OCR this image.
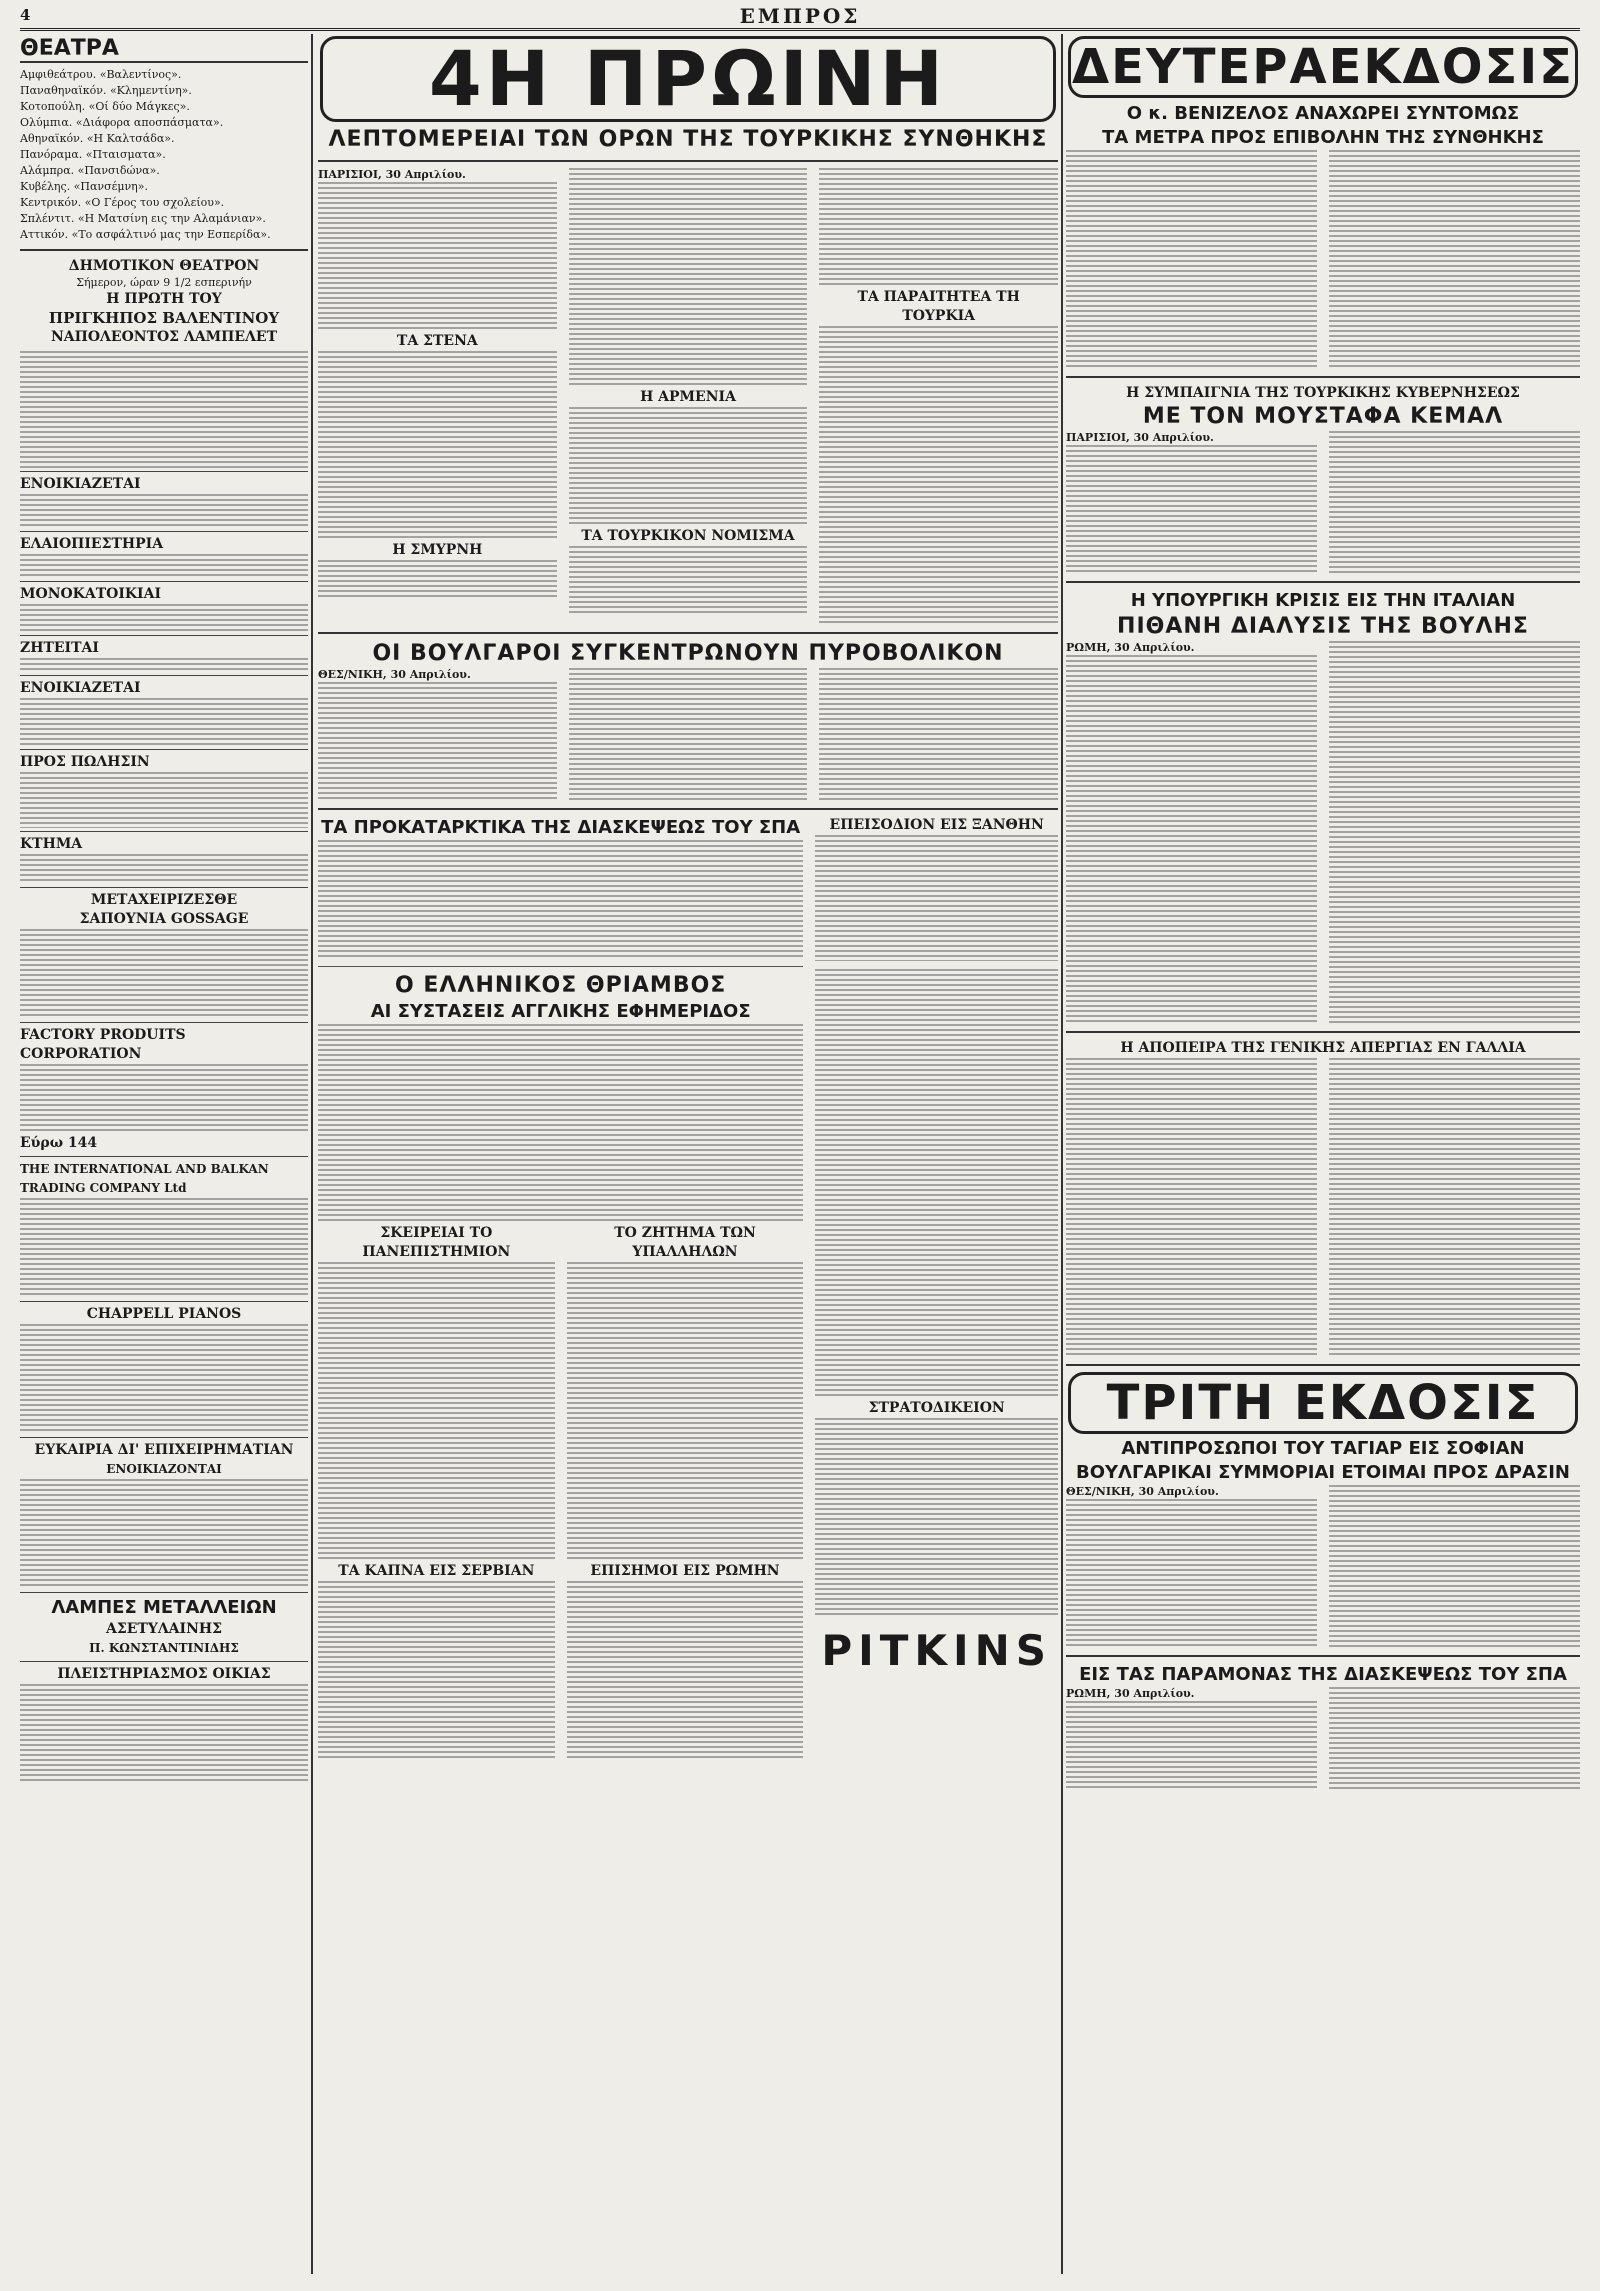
4	ΕΜΠΡΟΣ
ΘΕΑΤΡΑ
Αμφιθεάτρου. «Βαλεντίνος».
Παναθηναϊκόν. «Κλημεντίνη».
Κοτοπούλη. «Οί δύο Μάγκες».
Ολύμπια. «Διάφορα αποσπάσματα».
Αθηναϊκόν. «Η Καλτσάδα».
Πανόραμα. «Πταισματα».
Αλάμπρα. «Πανσιδώνα».
Κυβέλης. «Πανσέμνη».
Κεντρικόν. «Ο Γέρος του σχολείου».
Σπλέντιτ. «Η Ματσίνη εις την Αλαμάνιαν».
Αττικόν. «Το ασφάλτινό μας την Εσπερίδα».
ΔΗΜΟΤΙΚΟΝ ΘΕΑΤΡΟΝ
Σήμερον, ώραν 9 1/2 εσπερινήν
Η ΠΡΩΤΗ ΤΟΥ
ΠΡΙΓΚΗΠΟΣ ΒΑΛΕΝΤΙΝΟΥ
ΝΑΠΟΛΕΟΝΤΟΣ ΛΑΜΠΕΛΕΤ
ΕΝΟΙΚΙΑΖΕΤΑΙ
ΕΛΑΙΟΠΙΕΣΤΗΡΙΑ
ΜΟΝΟΚΑΤΟΙΚΙΑΙ
ΖΗΤΕΙΤΑΙ
ΕΝΟΙΚΙΑΖΕΤΑΙ
ΠΡΟΣ ΠΩΛΗΣΙΝ
ΚΤΗΜΑ
ΜΕΤΑΧΕΙΡΙΖΕΣΘΕ
ΣΑΠΟΥΝΙΑ GOSSAGE
FACTORY PRODUITS CORPORATION
Εύρω 144
THE INTERNATIONAL AND BALKAN TRADING COMPANY Ltd
CHAPPELL PIANOS
ΕΥΚΑΙΡΙΑ ΔΙ' ΕΠΙΧΕΙΡΗΜΑΤΙΑΝ
ΕΝΟΙΚΙΑΖΟΝΤΑΙ
ΛΑΜΠΕΣ ΜΕΤΑΛΛΕΙΩΝ
ΑΣΕΤΥΛΑΙΝΗΣ
Π. ΚΩΝΣΤΑΝΤΙΝΙΔΗΣ
ΠΛΕΙΣΤΗΡΙΑΣΜΟΣ ΟΙΚΙΑΣ
4Η ΠΡΩΙΝΗ
ΛΕΠΤΟΜΕΡΕΙΑΙ ΤΩΝ ΟΡΩΝ ΤΗΣ ΤΟΥΡΚΙΚΗΣ ΣΥΝΘΗΚΗΣ
ΠΑΡΙΣΙΟΙ, 30 Απριλίου.
ΤΑ ΣΤΕΝΑ
Η ΣΜΥΡΝΗ
Η ΑΡΜΕΝΙΑ
ΤΑ ΤΟΥΡΚΙΚΟΝ ΝΟΜΙΣΜΑ
ΤΑ ΠΑΡΑΙΤΗΤΕΑ ΤΗ ΤΟΥΡΚΙΑ
ΟΙ ΒΟΥΛΓΑΡΟΙ ΣΥΓΚΕΝΤΡΩΝΟΥΝ ΠΥΡΟΒΟΛΙΚΟΝ
ΘΕΣ/ΝΙΚΗ, 30 Απριλίου.
ΤΑ ΠΡΟΚΑΤΑΡΚΤΙΚΑ ΤΗΣ ΔΙΑΣΚΕΨΕΩΣ ΤΟΥ ΣΠΑ	ΕΠΕΙΣΟΔΙΟΝ ΕΙΣ ΞΑΝΘΗΝ
Ο ΕΛΛΗΝΙΚΟΣ ΘΡΙΑΜΒΟΣ
ΑΙ ΣΥΣΤΑΣΕΙΣ ΑΓΓΛΙΚΗΣ ΕΦΗΜΕΡΙΔΟΣ
ΣΚΕΙΡΕΙΑΙ ΤΟ ΠΑΝΕΠΙΣΤΗΜΙΟΝ
ΤΑ ΚΑΠΝΑ ΕΙΣ ΣΕΡΒΙΑΝ
ΤΟ ΖΗΤΗΜΑ ΤΩΝ ΥΠΑΛΛΗΛΩΝ
ΕΠΙΣΗΜΟΙ ΕΙΣ ΡΩΜΗΝ
ΣΤΡΑΤΟΔΙΚΕΙΟΝ
PITKINS
ΔΕΥΤΕΡΑΕΚΔΟΣΙΣ
Ο κ. ΒΕΝΙΖΕΛΟΣ ΑΝΑΧΩΡΕΙ ΣΥΝΤΟΜΩΣ
ΤΑ ΜΕΤΡΑ ΠΡΟΣ ΕΠΙΒΟΛΗΝ ΤΗΣ ΣΥΝΘΗΚΗΣ
Η ΣΥΜΠΑΙΓΝΙΑ ΤΗΣ ΤΟΥΡΚΙΚΗΣ ΚΥΒΕΡΝΗΣΕΩΣ
ΜΕ ΤΟΝ ΜΟΥΣΤΑΦΑ ΚΕΜΑΛ
ΠΑΡΙΣΙΟΙ, 30 Απριλίου.
Η ΥΠΟΥΡΓΙΚΗ ΚΡΙΣΙΣ ΕΙΣ ΤΗΝ ΙΤΑΛΙΑΝ
ΠΙΘΑΝΗ ΔΙΑΛΥΣΙΣ ΤΗΣ ΒΟΥΛΗΣ
ΡΩΜΗ, 30 Απριλίου.
Η ΑΠΟΠΕΙΡΑ ΤΗΣ ΓΕΝΙΚΗΣ ΑΠΕΡΓΙΑΣ ΕΝ ΓΑΛΛΙΑ
ΤΡΙΤΗ ΕΚΔΟΣΙΣ
ΑΝΤΙΠΡΟΣΩΠΟΙ ΤΟΥ ΤΑΓΙΑΡ ΕΙΣ ΣΟΦΙΑΝ
ΒΟΥΛΓΑΡΙΚΑΙ ΣΥΜΜΟΡΙΑΙ ΕΤΟΙΜΑΙ ΠΡΟΣ ΔΡΑΣΙΝ
ΘΕΣ/ΝΙΚΗ, 30 Απριλίου.
ΕΙΣ ΤΑΣ ΠΑΡΑΜΟΝΑΣ ΤΗΣ ΔΙΑΣΚΕΨΕΩΣ ΤΟΥ ΣΠΑ
ΡΩΜΗ, 30 Απριλίου.
